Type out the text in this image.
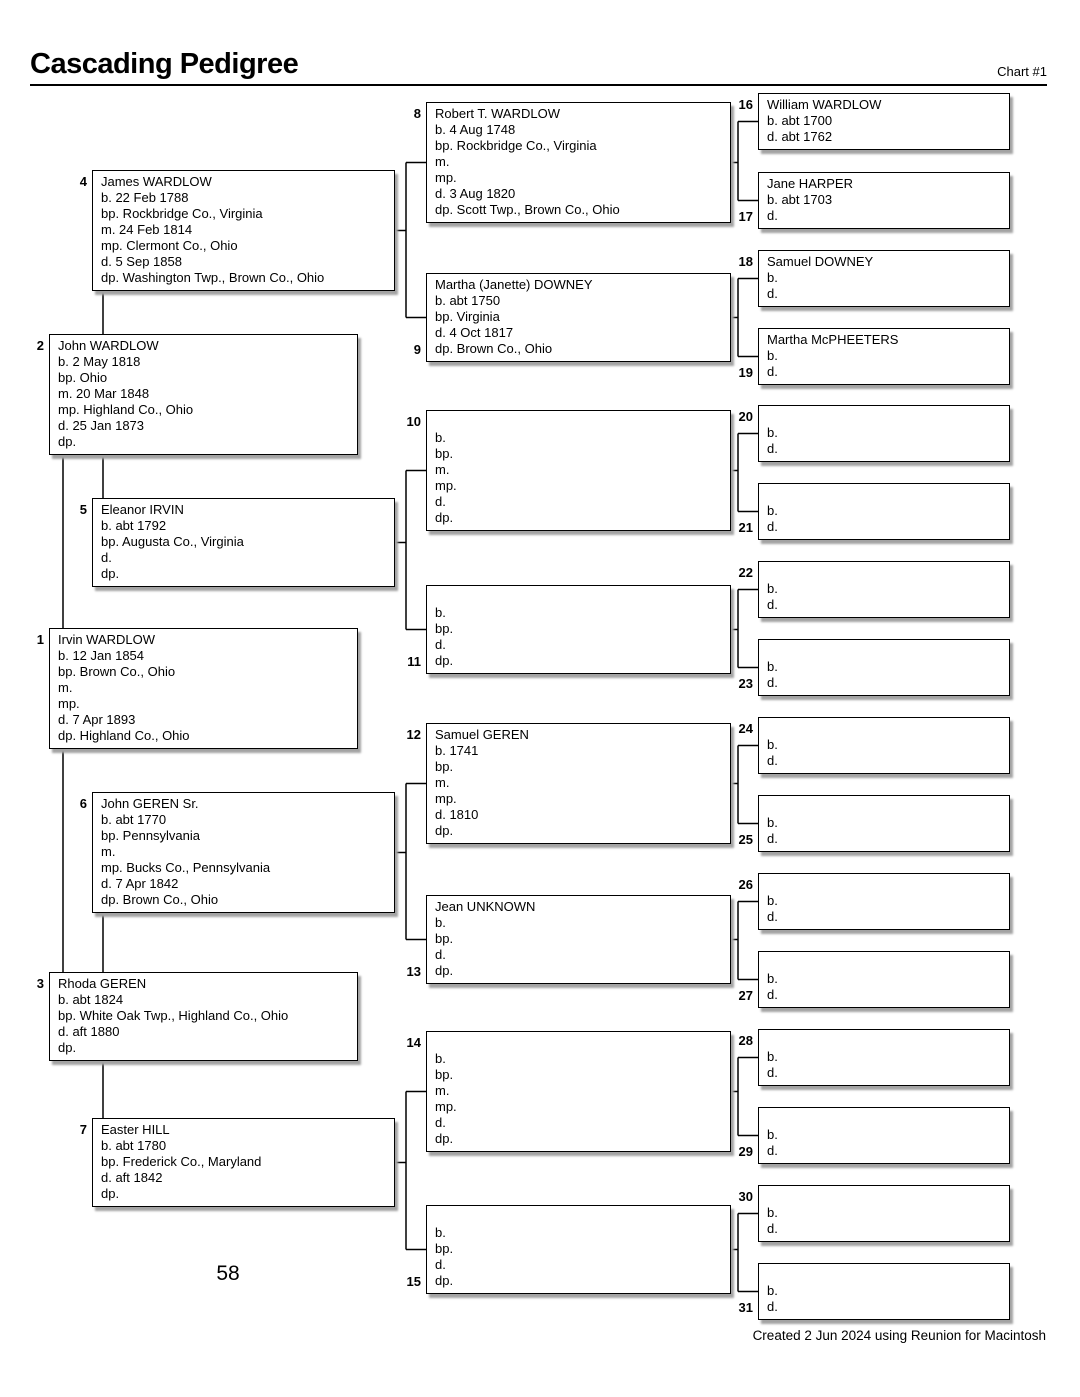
Cascading Pedigree	Chart #1
1 Irvin WARDLOW
b. 12 Jan 1854
bp. Brown Co., Ohio
m.
mp.
d. 7 Apr 1893
dp. Highland Co., Ohio
2 John WARDLOW
b. 2 May 1818
bp. Ohio
m. 20 Mar 1848
mp. Highland Co., Ohio
d. 25 Jan 1873
dp.
3 Rhoda GEREN
b. abt 1824
bp. White Oak Twp., Highland Co., Ohio
d. aft 1880
dp.
4 James WARDLOW
b. 22 Feb 1788
bp. Rockbridge Co., Virginia
m. 24 Feb 1814
mp. Clermont Co., Ohio
d. 5 Sep 1858
dp. Washington Twp., Brown Co., Ohio
5 Eleanor IRVIN
b. abt 1792
bp. Augusta Co., Virginia
d.
dp.
6 John GEREN Sr.
b. abt 1770
bp. Pennsylvania
m.
mp. Bucks Co., Pennsylvania
d. 7 Apr 1842
dp. Brown Co., Ohio
7 Easter HILL
b. abt 1780
bp. Frederick Co., Maryland
d. aft 1842
dp.
8 Robert T. WARDLOW
b. 4 Aug 1748
bp. Rockbridge Co., Virginia
m.
mp.
d. 3 Aug 1820
dp. Scott Twp., Brown Co., Ohio
9
Martha (Janette) DOWNEY
b. abt 1750
bp. Virginia
d. 4 Oct 1817
dp. Brown Co., Ohio
10
b.
bp.
m.
mp.
d.
dp.
11
b.
bp.
d.
dp.
12 Samuel GEREN
b. 1741
bp.
m.
mp.
d. 1810
dp.
13
Jean UNKNOWN
b.
bp.
d.
dp.
14
b.
bp.
m.
mp.
d.
dp.
15
b.
bp.
d.
dp.
16 William WARDLOW
b. abt 1700
d. abt 1762
17
Jane HARPER
b. abt 1703
d.
18 Samuel DOWNEY
b.
d.
19
Martha McPHEETERS
b.
d.
20
b.
d.
21
b.
d.
22
b.
d.
23
b.
d.
24
b.
d.
25
b.
d.
26
b.
d.
27
b.
d.
28
b.
d.
29
b.
d.
30
b.
d.
31
b.
d.
58
Created 2 Jun 2024 using Reunion for Macintosh
